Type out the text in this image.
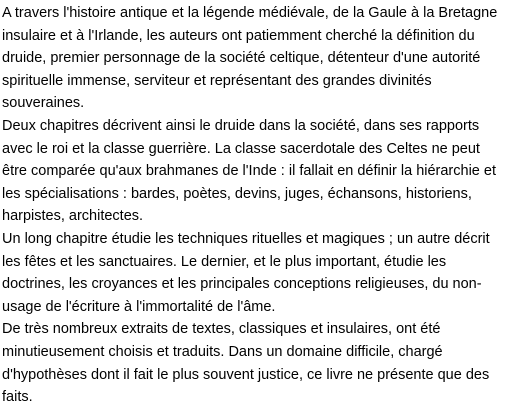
A travers l'histoire antique et la légende médiévale, de la Gaule à la Bretagne insulaire et à l'Irlande, les auteurs ont patiemment cherché la définition du druide, premier personnage de la société celtique, détenteur d'une autorité spirituelle immense, serviteur et représentant des grandes divinités souveraines.

Deux chapitres décrivent ainsi le druide dans la société, dans ses rapports avec le roi et la classe guerrière. La classe sacerdotale des Celtes ne peut être comparée qu'aux brahmanes de l'Inde : il fallait en définir la hiérarchie et les spécialisations : bardes, poètes, devins, juges, échansons, historiens, harpistes, architectes.

Un long chapitre étudie les techniques rituelles et magiques ; un autre décrit les fêtes et les sanctuaires. Le dernier, et le plus important, étudie les doctrines, les croyances et les principales conceptions religieuses, du non-usage de l'écriture à l'immortalité de l'âme.

De très nombreux extraits de textes, classiques et insulaires, ont été minutieusement choisis et traduits. Dans un domaine difficile, chargé d'hypothèses dont il fait le plus souvent justice, ce livre ne présente que des faits.
